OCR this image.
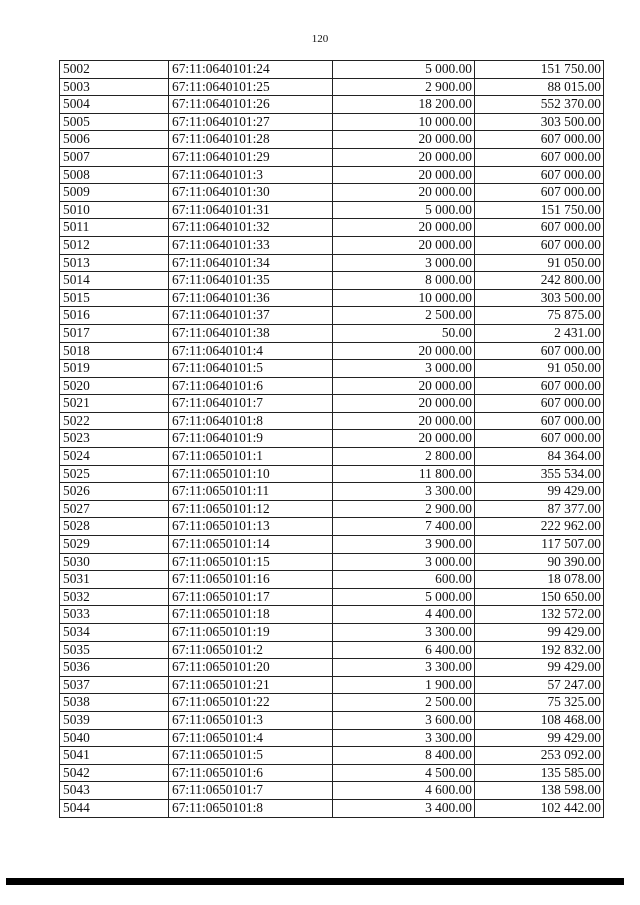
120
5002	67:11:0640101:24	5 000.00	151 750.00
5003	67:11:0640101:25	2 900.00	88 015.00
5004	67:11:0640101:26	18 200.00	552 370.00
5005	67:11:0640101:27	10 000.00	303 500.00
5006	67:11:0640101:28	20 000.00	607 000.00
5007	67:11:0640101:29	20 000.00	607 000.00
5008	67:11:0640101:3	20 000.00	607 000.00
5009	67:11:0640101:30	20 000.00	607 000.00
5010	67:11:0640101:31	5 000.00	151 750.00
5011	67:11:0640101:32	20 000.00	607 000.00
5012	67:11:0640101:33	20 000.00	607 000.00
5013	67:11:0640101:34	3 000.00	91 050.00
5014	67:11:0640101:35	8 000.00	242 800.00
5015	67:11:0640101:36	10 000.00	303 500.00
5016	67:11:0640101:37	2 500.00	75 875.00
5017	67:11:0640101:38	50.00	2 431.00
5018	67:11:0640101:4	20 000.00	607 000.00
5019	67:11:0640101:5	3 000.00	91 050.00
5020	67:11:0640101:6	20 000.00	607 000.00
5021	67:11:0640101:7	20 000.00	607 000.00
5022	67:11:0640101:8	20 000.00	607 000.00
5023	67:11:0640101:9	20 000.00	607 000.00
5024	67:11:0650101:1	2 800.00	84 364.00
5025	67:11:0650101:10	11 800.00	355 534.00
5026	67:11:0650101:11	3 300.00	99 429.00
5027	67:11:0650101:12	2 900.00	87 377.00
5028	67:11:0650101:13	7 400.00	222 962.00
5029	67:11:0650101:14	3 900.00	117 507.00
5030	67:11:0650101:15	3 000.00	90 390.00
5031	67:11:0650101:16	600.00	18 078.00
5032	67:11:0650101:17	5 000.00	150 650.00
5033	67:11:0650101:18	4 400.00	132 572.00
5034	67:11:0650101:19	3 300.00	99 429.00
5035	67:11:0650101:2	6 400.00	192 832.00
5036	67:11:0650101:20	3 300.00	99 429.00
5037	67:11:0650101:21	1 900.00	57 247.00
5038	67:11:0650101:22	2 500.00	75 325.00
5039	67:11:0650101:3	3 600.00	108 468.00
5040	67:11:0650101:4	3 300.00	99 429.00
5041	67:11:0650101:5	8 400.00	253 092.00
5042	67:11:0650101:6	4 500.00	135 585.00
5043	67:11:0650101:7	4 600.00	138 598.00
5044	67:11:0650101:8	3 400.00	102 442.00
